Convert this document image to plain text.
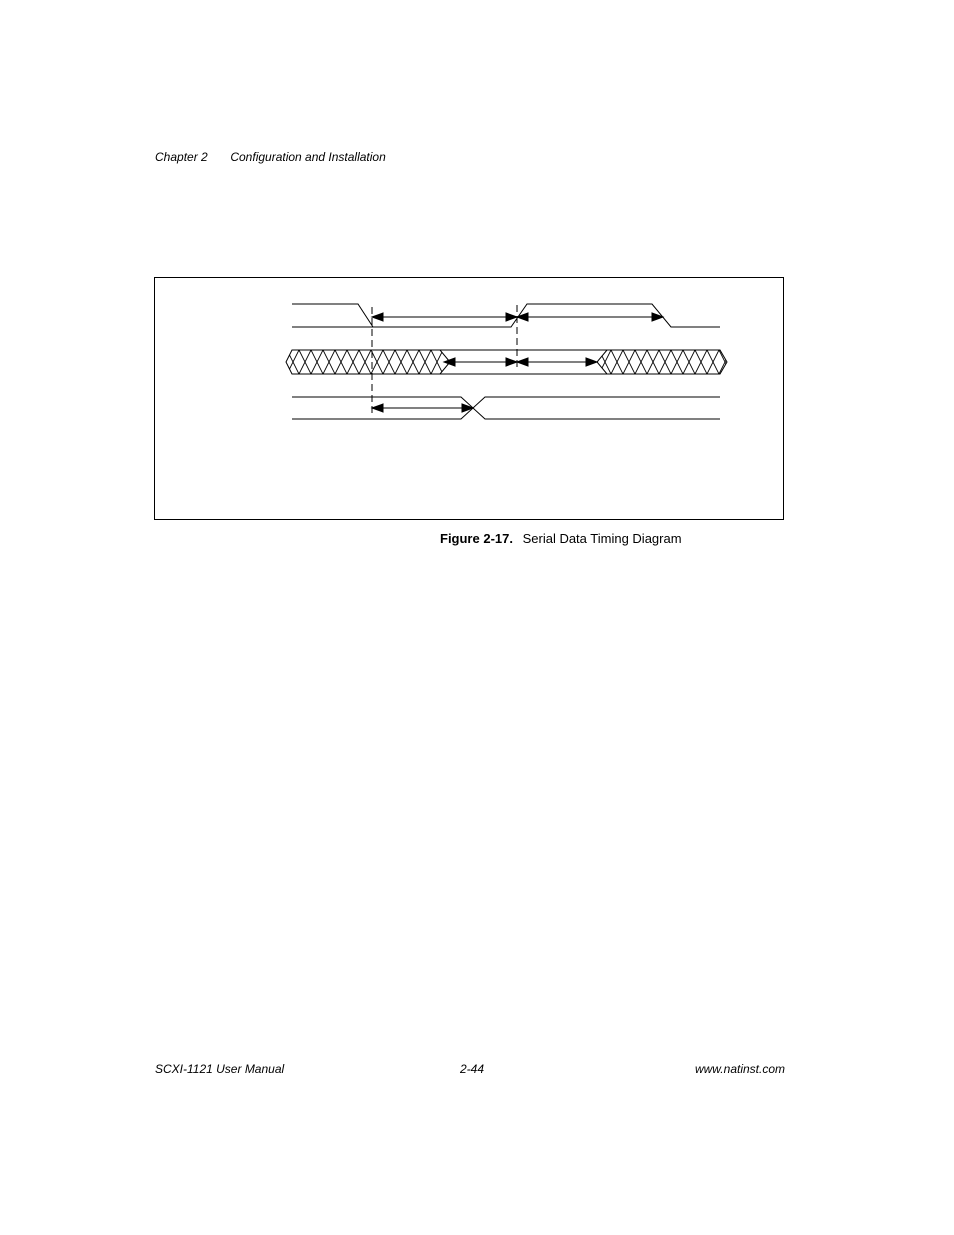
Chapter 2 Configuration and Installation
Figure 2-17. Serial Data Timing Diagram
SCXI-1121 User Manual	2-44	www.natinst.com
